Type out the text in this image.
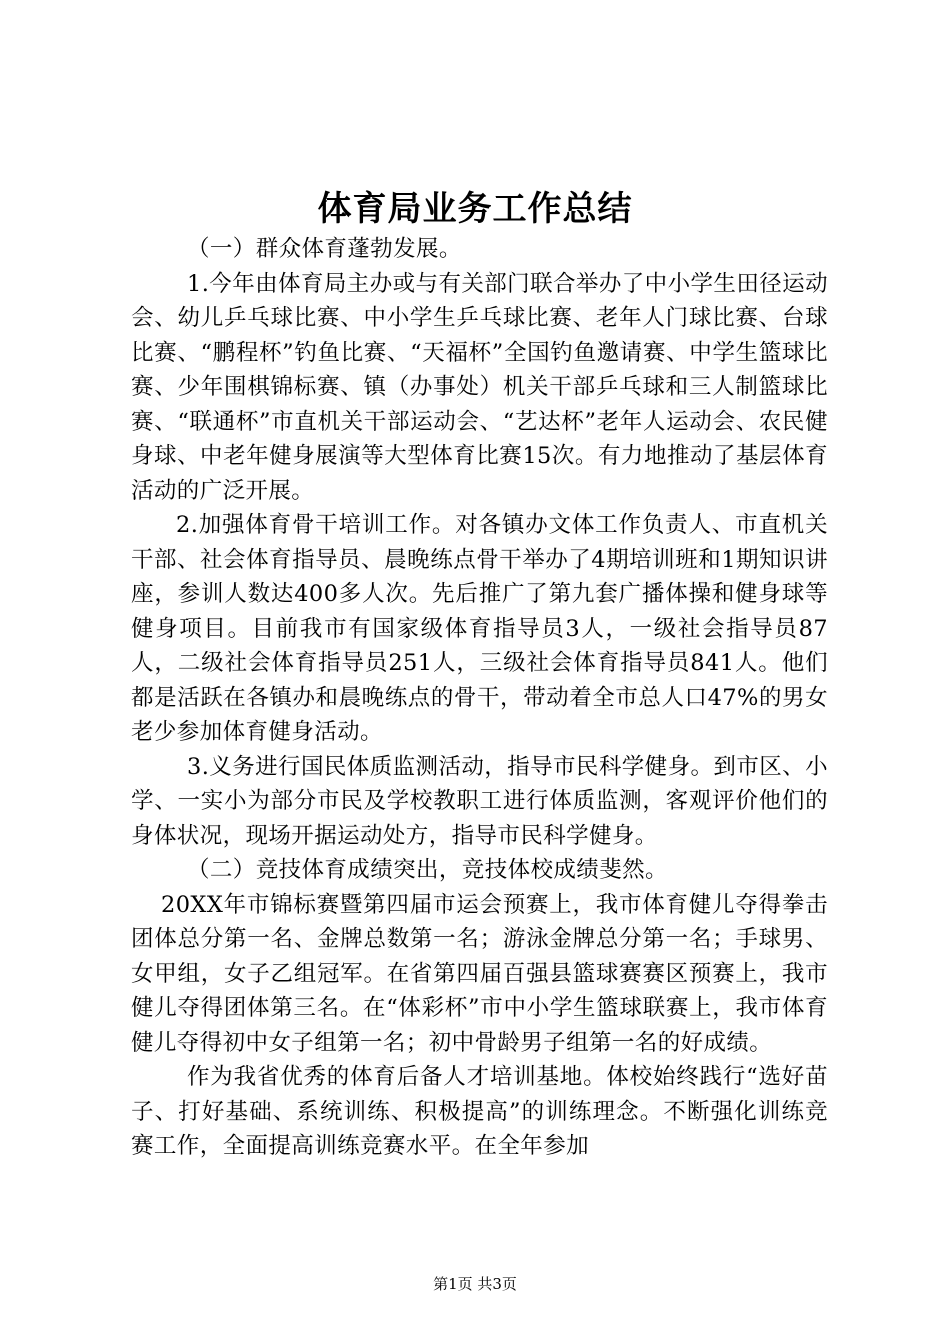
体育局业务工作总结

（一）群众体育蓬勃发展。

1.今年由体育局主办或与有关部门联合举办了中小学生田径运动会、幼儿乒乓球比赛、中小学生乒乓球比赛、老年人门球比赛、台球比赛、“鹏程杯”钓鱼比赛、“天福杯”全国钓鱼邀请赛、中学生篮球比赛、少年围棋锦标赛、镇（办事处）机关干部乒乓球和三人制篮球比赛、“联通杯”市直机关干部运动会、“艺达杯”老年人运动会、农民健身球、中老年健身展演等大型体育比赛15次。有力地推动了基层体育活动的广泛开展。

2.加强体育骨干培训工作。对各镇办文体工作负责人、市直机关干部、社会体育指导员、晨晚练点骨干举办了4期培训班和1期知识讲座，参训人数达400多人次。先后推广了第九套广播体操和健身球等健身项目。目前我市有国家级体育指导员3人，一级社会指导员87人，二级社会体育指导员251人，三级社会体育指导员841人。他们都是活跃在各镇办和晨晚练点的骨干，带动着全市总人口47%的男女老少参加体育健身活动。

3.义务进行国民体质监测活动，指导市民科学健身。到市区、小学、一实小为部分市民及学校教职工进行体质监测，客观评价他们的身体状况，现场开据运动处方，指导市民科学健身。

（二）竞技体育成绩突出，竞技体校成绩斐然。

20XX年市锦标赛暨第四届市运会预赛上，我市体育健儿夺得拳击团体总分第一名、金牌总数第一名；游泳金牌总分第一名；手球男、女甲组，女子乙组冠军。在省第四届百强县篮球赛赛区预赛上，我市健儿夺得团体第三名。在“体彩杯”市中小学生篮球联赛上，我市体育健儿夺得初中女子组第一名；初中骨龄男子组第一名的好成绩。

作为我省优秀的体育后备人才培训基地。体校始终践行“选好苗子、打好基础、系统训练、积极提高”的训练理念。不断强化训练竞赛工作，全面提高训练竞赛水平。在全年参加

第1页 共3页
